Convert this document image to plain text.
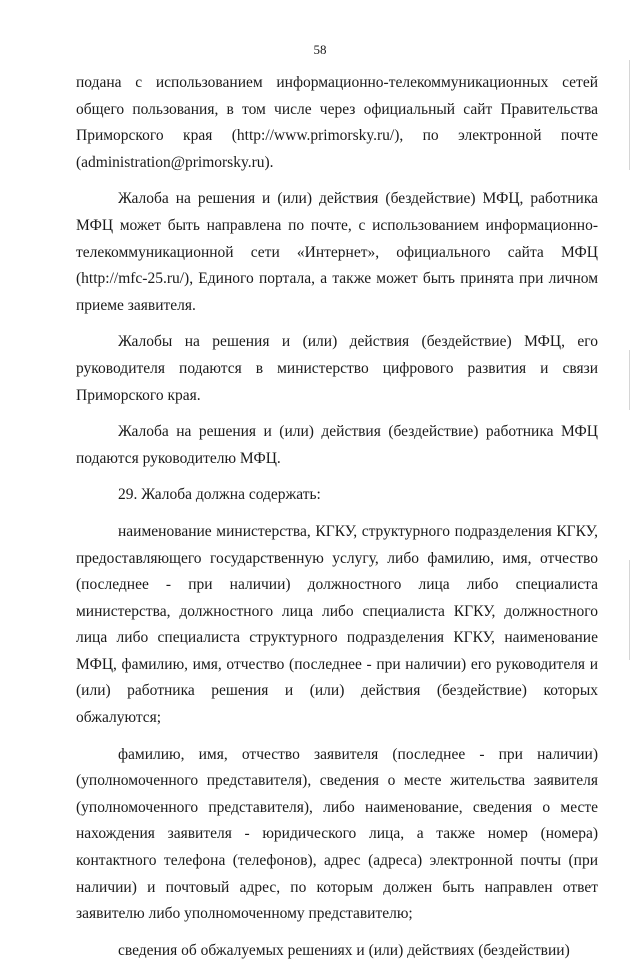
58

подана с использованием информационно-телекоммуникационных сетей общего пользования, в том числе через официальный сайт Правительства Приморского края (http://www.primorsky.ru/), по электронной почте (administration@primorsky.ru).

Жалоба на решения и (или) действия (бездействие) МФЦ, работника МФЦ может быть направлена по почте, с использованием информационно-телекоммуникационной сети «Интернет», официального сайта МФЦ (http://mfc-25.ru/), Единого портала, а также может быть принята при личном приеме заявителя.

Жалобы на решения и (или) действия (бездействие) МФЦ, его руководителя подаются в министерство цифрового развития и связи Приморского края.

Жалоба на решения и (или) действия (бездействие) работника МФЦ подаются руководителю МФЦ.

29. Жалоба должна содержать:

наименование министерства, КГКУ, структурного подразделения КГКУ, предоставляющего государственную услугу, либо фамилию, имя, отчество (последнее - при наличии) должностного лица либо специалиста министерства, должностного лица либо специалиста КГКУ, должностного лица либо специалиста структурного подразделения КГКУ, наименование МФЦ, фамилию, имя, отчество (последнее - при наличии) его руководителя и (или) работника решения и (или) действия (бездействие) которых обжалуются;

фамилию, имя, отчество заявителя (последнее - при наличии) (уполномоченного представителя), сведения о месте жительства заявителя (уполномоченного представителя), либо наименование, сведения о месте нахождения заявителя - юридического лица, а также номер (номера) контактного телефона (телефонов), адрес (адреса) электронной почты (при наличии) и почтовый адрес, по которым должен быть направлен ответ заявителю либо уполномоченному представителю;

сведения об обжалуемых решениях и (или) действиях (бездействии)
